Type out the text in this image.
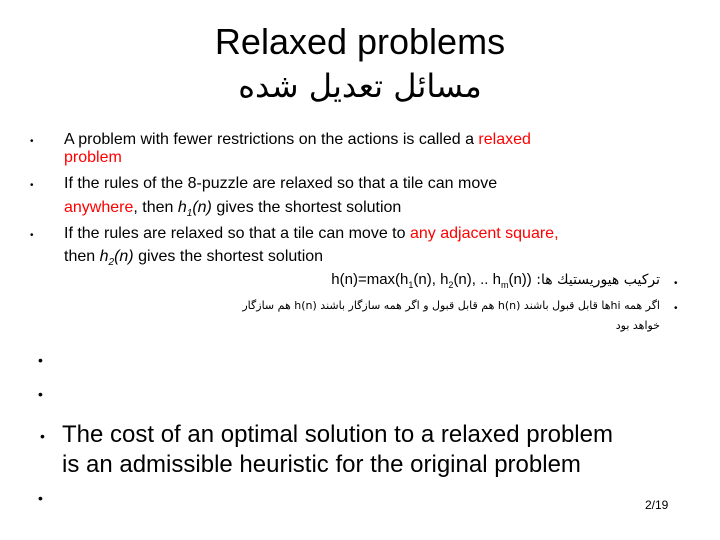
Relaxed problems
مسائل تعدیل شده
• A problem with fewer restrictions on the actions is called a relaxed
problem
• If the rules of the 8-puzzle are relaxed so that a tile can move
anywhere, then $h_1(n)$ gives the shortest solution
• If the rules are relaxed so that a tile can move to any adjacent square,
then $h_2(n)$ gives the shortest solution
•
ترکیب هیوریستیك ها: $h(n)=\max(h_1(n)$, $h_2(n)$, .. $h_m(n)$)
•
اگر همه hiها قابل قبول باشند h(n) هم قابل قبول و اگر همه سازگار باشند h(n) هم سازگار
خواهد بود
•
•
• The cost of an optimal solution to a relaxed problem
is an admissible heuristic for the original problem
•	2/19
